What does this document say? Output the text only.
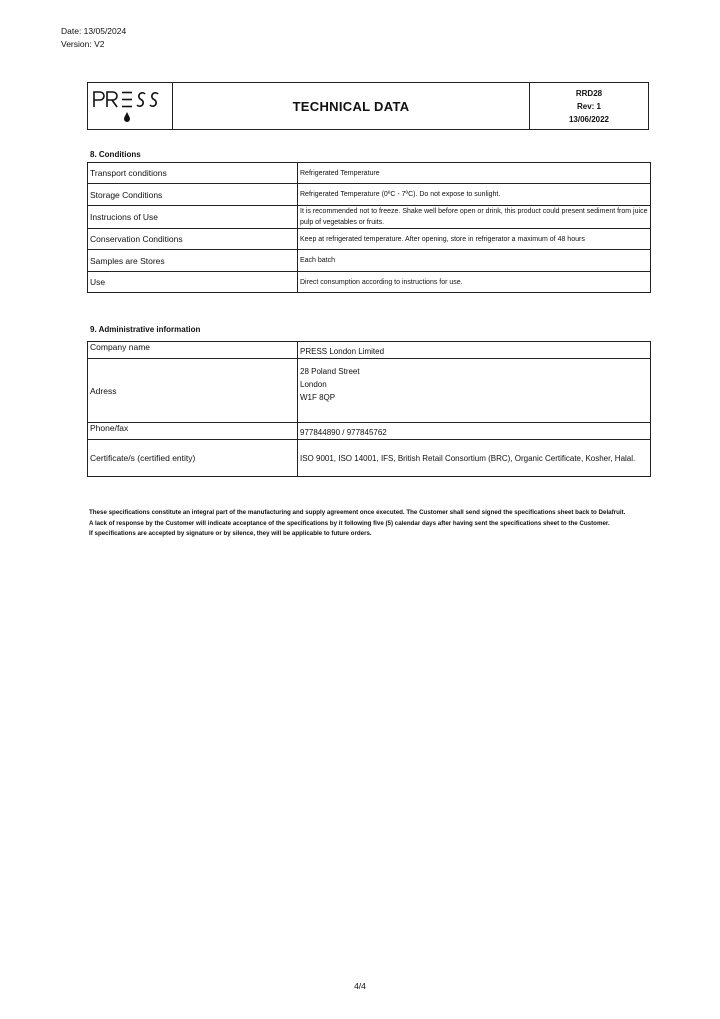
Date: 13/05/2024
Version: V2
TECHNICAL DATA
RRD28
Rev: 1
13/06/2022
8. Conditions
Transport conditions	Refrigerated Temperature
Storage Conditions	Refrigerated Temperature (0ºC - 7ºC). Do not expose to sunlight.
Instrucions of Use	It is recommended not to freeze. Shake well before open or drink, this product could present sediment from juice pulp of vegetables or fruits.
Conservation Conditions	Keep at refrigerated temperature. After opening, store in refrigerator a maximum of 48 hours
Samples are Stores	Each batch
Use	Direct consumption according to instructions for use.
9. Administrative information
Company name	PRESS London Limited
Adress	28 Poland Street
London
W1F 8QP

Phone/fax	977844890 / 977845762
Certificate/s (certified entity)	ISO 9001, ISO 14001, IFS, British Retail Consortium (BRC), Organic Certificate, Kosher, Halal.

These specifications constitute an integral part of the manufacturing and supply agreement once executed. The Customer shall send signed the specifications sheet back to Delafruit.

A lack of response by the Customer will indicate acceptance of the specifications by it following five (5) calendar days after having sent the specifications sheet to the Customer.

If specifications are accepted by signature or by silence, they will be applicable to future orders.

4/4
